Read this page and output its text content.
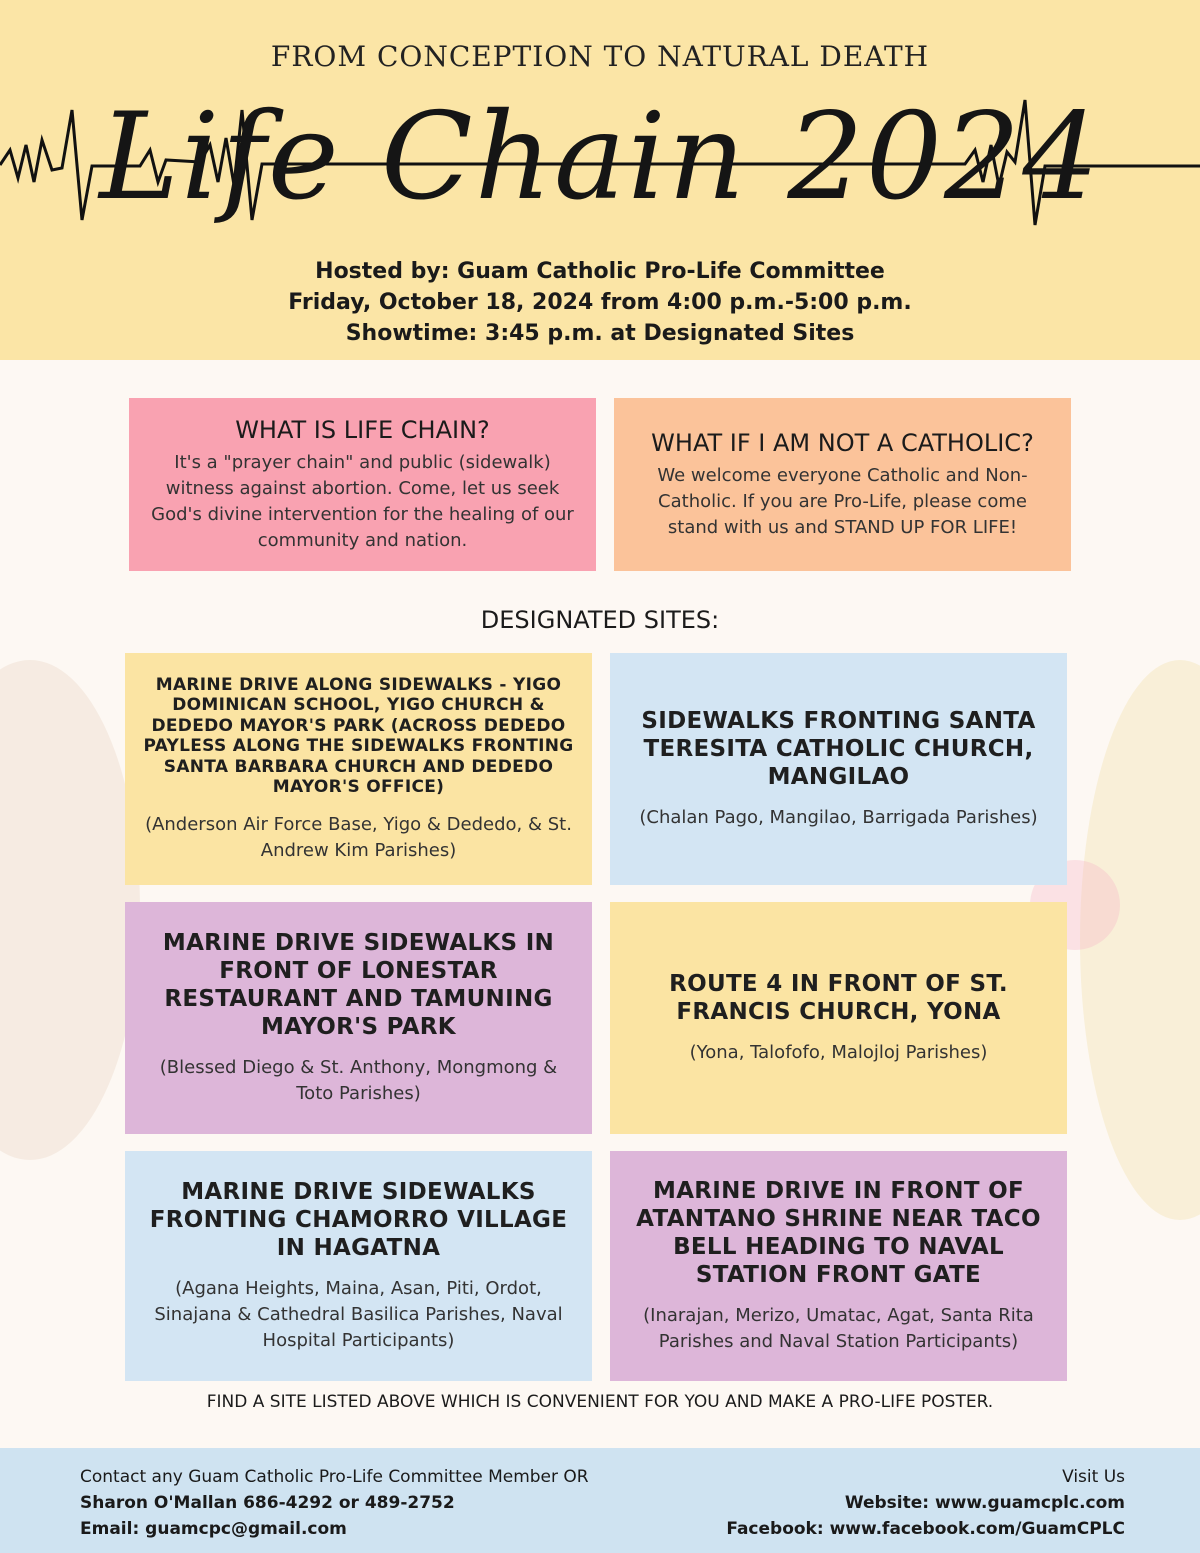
FROM CONCEPTION TO NATURAL DEATH
Life Chain 2024
Hosted by: Guam Catholic Pro-Life Committee
Friday, October 18, 2024 from 4:00 p.m.-5:00 p.m.
Showtime: 3:45 p.m. at Designated Sites
WHAT IS LIFE CHAIN?
It's a "prayer chain" and public (sidewalk) witness against abortion. Come, let us seek God's divine intervention for the healing of our community and nation.
WHAT IF I AM NOT A CATHOLIC?
We welcome everyone Catholic and Non-Catholic. If you are Pro-Life, please come stand with us and STAND UP FOR LIFE!
DESIGNATED SITES:
MARINE DRIVE ALONG SIDEWALKS - YIGO DOMINICAN SCHOOL, YIGO CHURCH & DEDEDO MAYOR'S PARK (ACROSS DEDEDO PAYLESS ALONG THE SIDEWALKS FRONTING SANTA BARBARA CHURCH AND DEDEDO MAYOR'S OFFICE)
(Anderson Air Force Base, Yigo & Dededo, & St. Andrew Kim Parishes)
SIDEWALKS FRONTING SANTA TERESITA CATHOLIC CHURCH, MANGILAO
(Chalan Pago, Mangilao, Barrigada Parishes)
MARINE DRIVE SIDEWALKS IN FRONT OF LONESTAR RESTAURANT AND TAMUNING MAYOR'S PARK
(Blessed Diego & St. Anthony, Mongmong & Toto Parishes)
ROUTE 4 IN FRONT OF ST. FRANCIS CHURCH, YONA
(Yona, Talofofo, Malojloj Parishes)
MARINE DRIVE SIDEWALKS FRONTING CHAMORRO VILLAGE IN HAGATNA
(Agana Heights, Maina, Asan, Piti, Ordot, Sinajana & Cathedral Basilica Parishes, Naval Hospital Participants)
MARINE DRIVE IN FRONT OF ATANTANO SHRINE NEAR TACO BELL HEADING TO NAVAL STATION FRONT GATE
(Inarajan, Merizo, Umatac, Agat, Santa Rita Parishes and Naval Station Participants)
FIND A SITE LISTED ABOVE WHICH IS CONVENIENT FOR YOU AND MAKE A PRO-LIFE POSTER.
Contact any Guam Catholic Pro-Life Committee Member OR
Sharon O'Mallan 686-4292 or 489-2752
Email: guamcpc@gmail.com
Visit Us
Website: www.guamcplc.com
Facebook: www.facebook.com/GuamCPLC
